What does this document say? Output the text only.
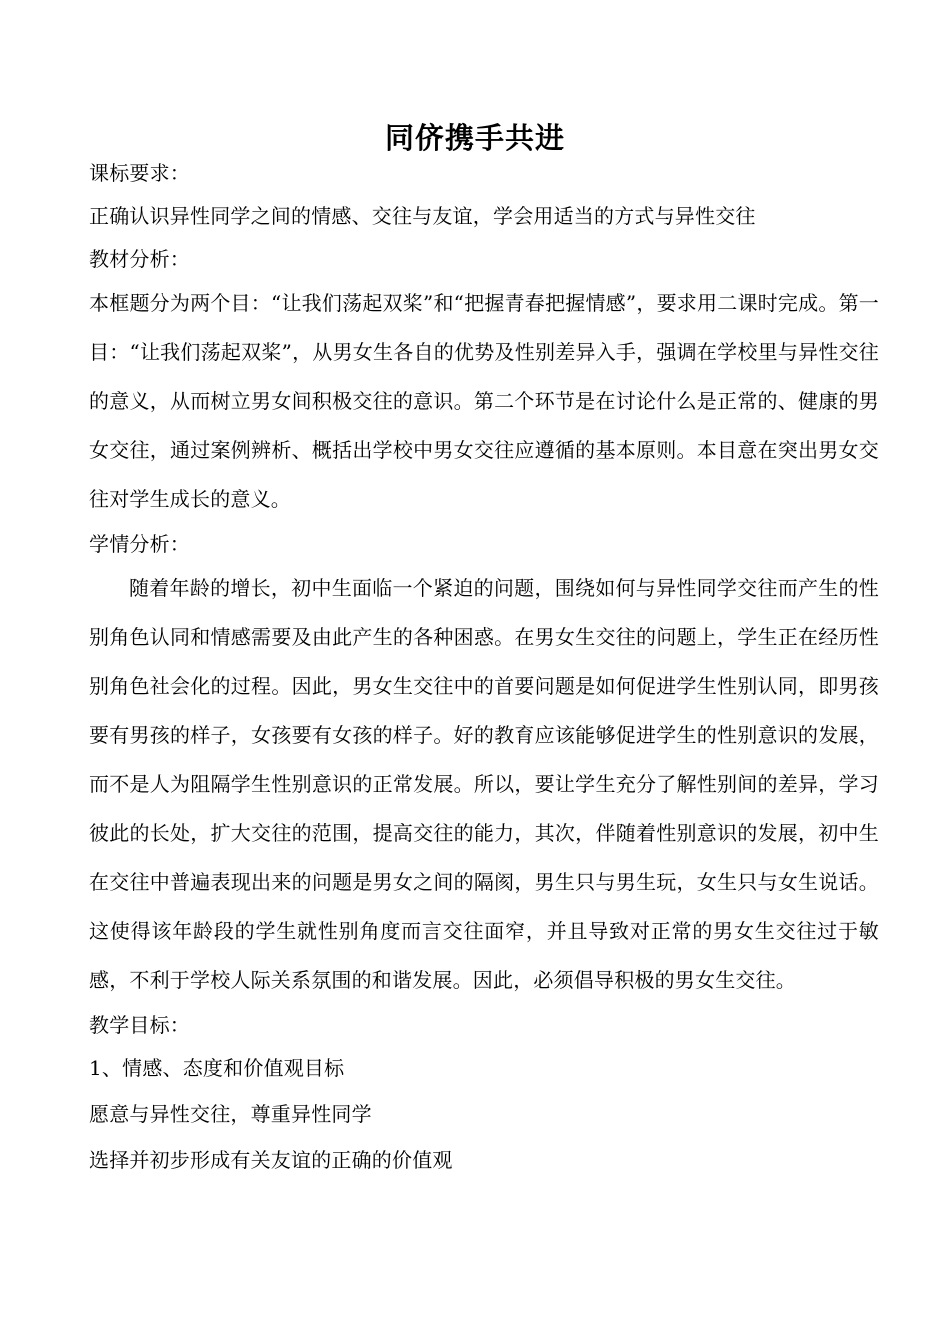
同侪携手共进
课标要求：
正确认识异性同学之间的情感、交往与友谊，学会用适当的方式与异性交往
教材分析：

本框题分为两个目：“让我们荡起双桨”和“把握青春把握情感”，要求用二课时完成。第一目：“让我们荡起双桨”，从男女生各自的优势及性别差异入手，强调在学校里与异性交往的意义，从而树立男女间积极交往的意识。第二个环节是在讨论什么是正常的、健康的男女交往，通过案例辨析、概括出学校中男女交往应遵循的基本原则。本目意在突出男女交往对学生成长的意义。

学情分析：

随着年龄的增长，初中生面临一个紧迫的问题，围绕如何与异性同学交往而产生的性别角色认同和情感需要及由此产生的各种困惑。在男女生交往的问题上，学生正在经历性别角色社会化的过程。因此，男女生交往中的首要问题是如何促进学生性别认同，即男孩要有男孩的样子，女孩要有女孩的样子。好的教育应该能够促进学生的性别意识的发展，而不是人为阻隔学生性别意识的正常发展。所以，要让学生充分了解性别间的差异，学习彼此的长处，扩大交往的范围，提高交往的能力，其次，伴随着性别意识的发展，初中生在交往中普遍表现出来的问题是男女之间的隔阂，男生只与男生玩，女生只与女生说话。这使得该年龄段的学生就性别角度而言交往面窄，并且导致对正常的男女生交往过于敏感，不利于学校人际关系氛围的和谐发展。因此，必须倡导积极的男女生交往。

教学目标：
1、情感、态度和价值观目标
愿意与异性交往，尊重异性同学
选择并初步形成有关友谊的正确的价值观
